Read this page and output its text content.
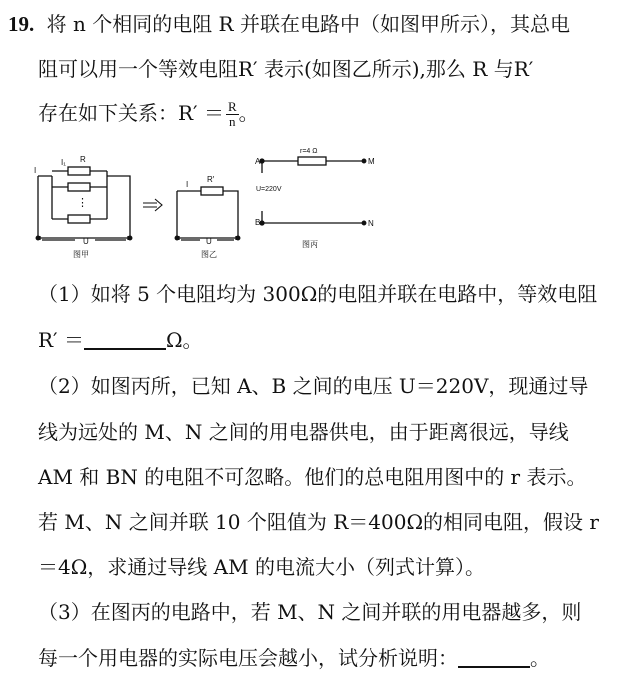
19. 将 n 个相同的电阻 R 并联在电路中（如图甲所示），其总电
阻可以用一个等效电阻R′ 表示(如图乙所示),那么 R 与R′
存在如下关系：$R' = \frac{R}{n}$ 。
I
I₁ R
⋮
U
图甲
I
R′
U
图乙
A
B
M
N
r=4 Ω
U=220V
图丙
（1）如将 5 个电阻均为 300Ω的电阻并联在电路中，等效电阻
R′ ＝	Ω。
（2）如图丙所，已知 A、B 之间的电压 U＝220V，现通过导
线为远处的 M、N 之间的用电器供电，由于距离很远，导线
AM 和 BN 的电阻不可忽略。他们的总电阻用图中的 r 表示。
若 M、N 之间并联 10 个阻值为 R＝400Ω的相同电阻，假设 r
＝4Ω，求通过导线 AM 的电流大小（列式计算）。
（3）在图丙的电路中，若 M、N 之间并联的用电器越多，则
每一个用电器的实际电压会越小，试分析说明：	。
